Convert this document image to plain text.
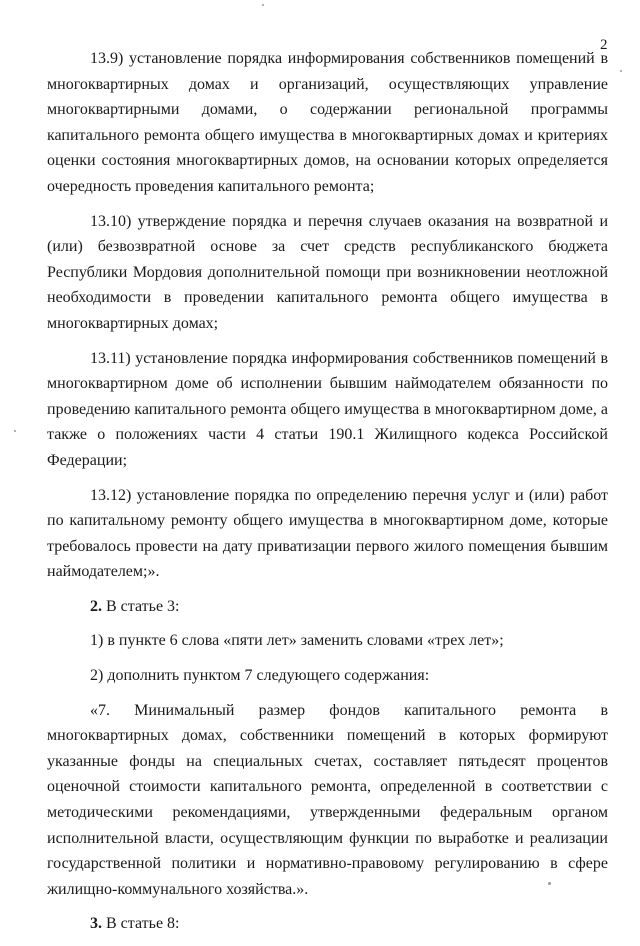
2

13.9) установление порядка информирования собственников помещений в многоквартирных домах и организаций, осуществляющих управление многоквартирными домами, о содержании региональной программы капитального ремонта общего имущества в многоквартирных домах и критериях оценки состояния многоквартирных домов, на основании которых определяется очередность проведения капитального ремонта;

13.10) утверждение порядка и перечня случаев оказания на возвратной и (или) безвозвратной основе за счет средств республиканского бюджета Республики Мордовия дополнительной помощи при возникновении неотложной необходимости в проведении капитального ремонта общего имущества в многоквартирных домах;

13.11) установление порядка информирования собственников помещений в многоквартирном доме об исполнении бывшим наймодателем обязанности по проведению капитального ремонта общего имущества в многоквартирном доме, а также о положениях части 4 статьи 190.1 Жилищного кодекса Российской Федерации;

13.12) установление порядка по определению перечня услуг и (или) работ по капитальному ремонту общего имущества в многоквартирном доме, которые требовалось провести на дату приватизации первого жилого помещения бывшим наймодателем;».

2. В статье 3:

1) в пункте 6 слова «пяти лет» заменить словами «трех лет»;

2) дополнить пунктом 7 следующего содержания:

«7. Минимальный размер фондов капитального ремонта в многоквартирных домах, собственники помещений в которых формируют указанные фонды на специальных счетах, составляет пятьдесят процентов оценочной стоимости капитального ремонта, определенной в соответствии с методическими рекомендациями, утвержденными федеральным органом исполнительной власти, осуществляющим функции по выработке и реализации государственной политики и нормативно-правовому регулированию в сфере жилищно-коммунального хозяйства.».

3. В статье 8:
